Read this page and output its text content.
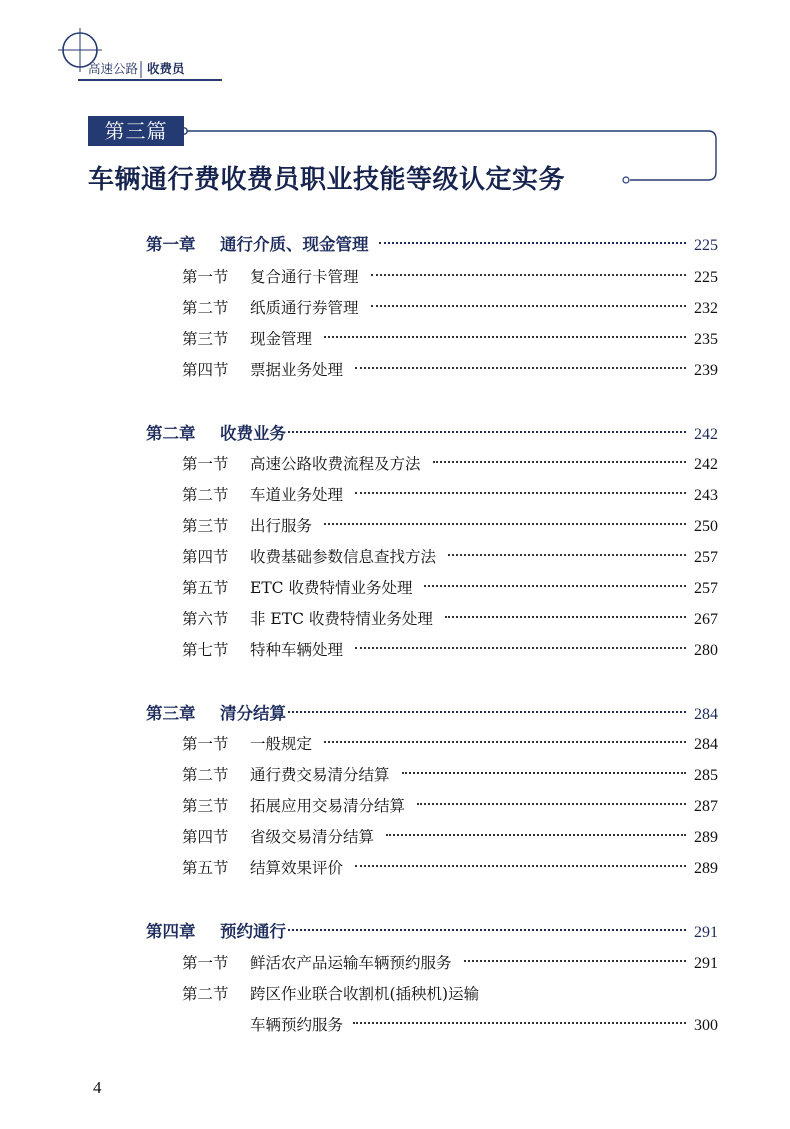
高速公路 收费员
第三篇
车辆通行费收费员职业技能等级认定实务
第一章 通行介质、现金管理	225
第一节 复合通行卡管理	225
第二节 纸质通行券管理	232
第三节 现金管理	235
第四节 票据业务处理	239
第二章 收费业务	242
第一节 高速公路收费流程及方法	242
第二节 车道业务处理	243
第三节 出行服务	250
第四节 收费基础参数信息查找方法	257
第五节 ETC 收费特情业务处理	257
第六节 非 ETC 收费特情业务处理	267
第七节 特种车辆处理	280
第三章 清分结算	284
第一节 一般规定	284
第二节 通行费交易清分结算	285
第三节 拓展应用交易清分结算	287
第四节 省级交易清分结算	289
第五节 结算效果评价	289
第四章 预约通行	291
第一节 鲜活农产品运输车辆预约服务	291
第二节 跨区作业联合收割机(插秧机)运输
车辆预约服务	300
4
